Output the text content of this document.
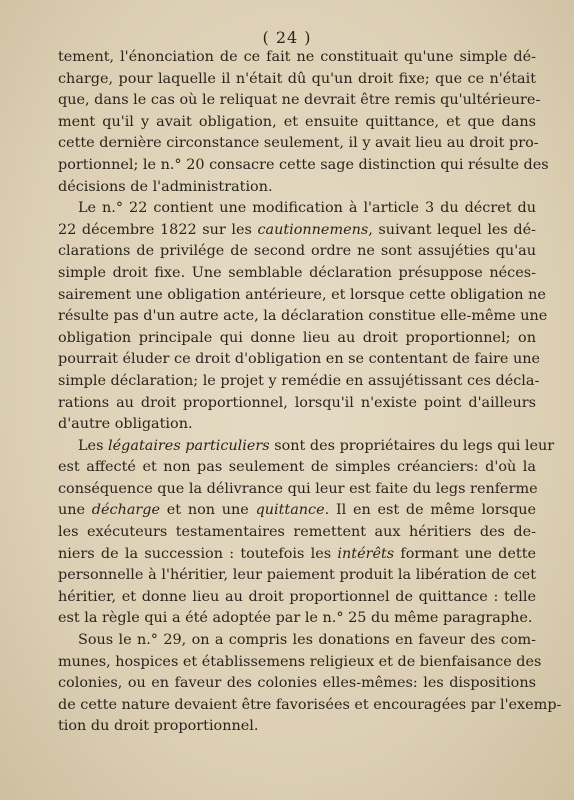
( 24 )
tement, l'énonciation de ce fait ne constituait qu'une simple dé-
charge, pour laquelle il n'était dû qu'un droit fixe; que ce n'était
que, dans le cas où le reliquat ne devrait être remis qu'ultérieure-
ment qu'il y avait obligation, et ensuite quittance, et que dans
cette dernière circonstance seulement, il y avait lieu au droit pro-
portionnel; le n.° 20 consacre cette sage distinction qui résulte des
décisions de l'administration.
Le n.° 22 contient une modification à l'article 3 du décret du
22 décembre 1822 sur les cautionnemens, suivant lequel les dé-
clarations de privilége de second ordre ne sont assujéties qu'au
simple droit fixe. Une semblable déclaration présuppose néces-
sairement une obligation antérieure, et lorsque cette obligation ne
résulte pas d'un autre acte, la déclaration constitue elle-même une
obligation principale qui donne lieu au droit proportionnel; on
pourrait éluder ce droit d'obligation en se contentant de faire une
simple déclaration; le projet y remédie en assujétissant ces décla-
rations au droit proportionnel, lorsqu'il n'existe point d'ailleurs
d'autre obligation.
Les légataires particuliers sont des propriétaires du legs qui leur
est affecté et non pas seulement de simples créanciers: d'où la
conséquence que la délivrance qui leur est faite du legs renferme
une décharge et non une quittance. Il en est de même lorsque
les exécuteurs testamentaires remettent aux héritiers des de-
niers de la succession : toutefois les intérêts formant une dette
personnelle à l'héritier, leur paiement produit la libération de cet
héritier, et donne lieu au droit proportionnel de quittance : telle
est la règle qui a été adoptée par le n.° 25 du même paragraphe.
Sous le n.° 29, on a compris les donations en faveur des com-
munes, hospices et établissemens religieux et de bienfaisance des
colonies, ou en faveur des colonies elles-mêmes: les dispositions
de cette nature devaient être favorisées et encouragées par l'exemp-
tion du droit proportionnel.
